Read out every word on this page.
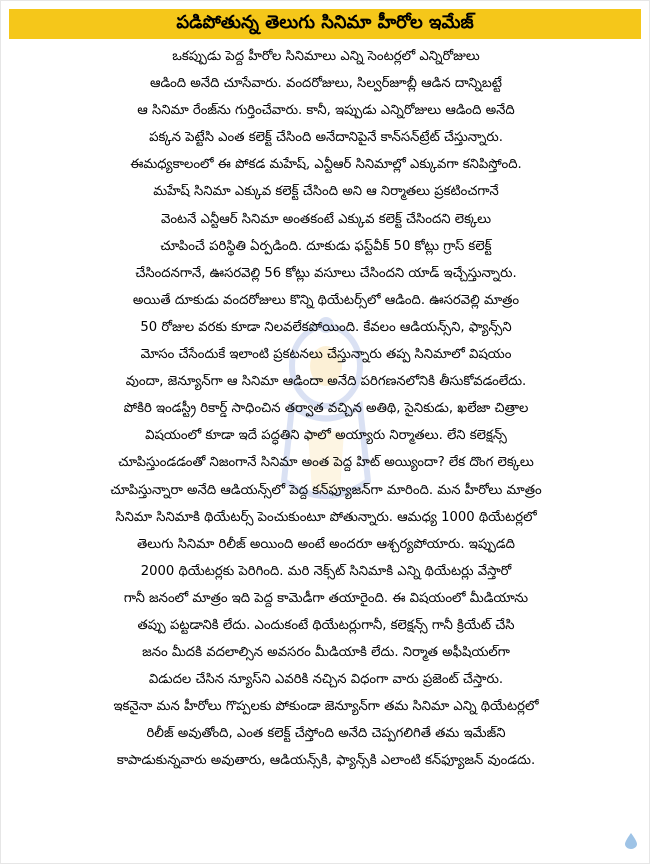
పడిపోతున్న తెలుగు సినిమా హీరోల ఇమేజ్
ఒకప్పుడు పెద్ద హీరోల సినిమాలు ఎన్ని సెంటర్లలో ఎన్నిరోజులు
ఆడింది అనేది చూసేవారు. వందరోజులు, సిల్వర్‌జూబ్లీ ఆడిన దాన్నిబట్టే
ఆ సినిమా రేంజ్‌ను గుర్తించేవారు. కానీ, ఇప్పుడు ఎన్నిరోజులు ఆడింది అనేది
పక్కన పెట్టేసి ఎంత కలెక్ట్‌ చేసింది అనేదానిపైనే కాన్‌సన్‌ట్రేట్‌ చేస్తున్నారు.
ఈమధ్యకాలంలో ఈ పోకడ మహేష్‌, ఎన్టీఆర్‌ సినిమాల్లో ఎక్కువగా కనిపిస్తోంది.
మహేష్‌ సినిమా ఎక్కువ కలెక్ట్‌ చేసింది అని ఆ నిర్మాతలు ప్రకటించగానే
వెంటనే ఎన్టీఆర్‌ సినిమా అంతకంటే ఎక్కువ కలెక్ట్‌ చేసిందని లెక్కలు
చూపించే పరిస్థితి ఏర్పడింది. దూకుడు ఫస్ట్‌వీక్‌ 50 కోట్లు గ్రాస్‌ కలెక్ట్‌
చేసిందనగానే, ఊసరవెల్లి 56 కోట్లు వసూలు చేసిందని యాడ్‌ ఇచ్చేస్తున్నారు.
అయితే దూకుడు వందరోజులు కొన్ని థియేటర్స్‌లో ఆడింది. ఊసరవెల్లి మాత్రం
50 రోజుల వరకు కూడా నిలవలేకపోయింది. కేవలం ఆడియన్స్‌ని, ఫ్యాన్స్‌ని
మోసం చేసేందుకే ఇలాంటి ప్రకటనలు చేస్తున్నారు తప్ప సినిమాలో విషయం
వుందా, జెన్యూన్‌గా ఆ సినిమా ఆడిందా అనేది పరిగణనలోనికి తీసుకోవడంలేదు.
పోకిరి ఇండస్ట్రీ రికార్డ్‌ సాధించిన తర్వాత వచ్చిన అతిథి, సైనికుడు, ఖలేజా చిత్రాల
విషయంలో కూడా ఇదే పద్ధతిని ఫాలో అయ్యారు నిర్మాతలు. లేని కలెక్షన్స్‌
చూపిస్తుండడంతో నిజంగానే సినిమా అంత పెద్ద హిట్‌ అయ్యిందా? లేక దొంగ లెక్కలు
చూపిస్తున్నారా అనేది ఆడియన్స్‌లో పెద్ద కన్‌ఫ్యూజన్‌గా మారింది. మన హీరోలు మాత్రం
సినిమా సినిమాకి థియేటర్స్‌ పెంచుకుంటూ పోతున్నారు. ఆమధ్య 1000 థియేటర్లలో
తెలుగు సినిమా రిలీజ్‌ అయింది అంటే అందరూ ఆశ్చర్యపోయారు. ఇప్పుడది
2000 థియేటర్లకు పెరిగింది. మరి నెక్స్‌ట్‌ సినిమాకి ఎన్ని థియేటర్లు వేస్తారో
గానీ జనంలో మాత్రం ఇది పెద్ద కామెడీగా తయారైంది. ఈ విషయంలో మీడియాను
తప్పు పట్టడానికి లేదు. ఎందుకంటే థియేటర్లుగానీ, కలెక్షన్స్‌ గానీ క్రియేట్‌ చేసి
జనం మీదకి వదలాల్సిన అవసరం మీడియాకి లేదు. నిర్మాత అఫీషియల్‌గా
విడుదల చేసిన న్యూస్‌ని ఎవరికి నచ్చిన విధంగా వారు ప్రజెంట్‌ చేస్తారు.
ఇకనైనా మన హీరోలు గొప్పలకు పోకుండా జెన్యూన్‌గా తమ సినిమా ఎన్ని థియేటర్లలో
రిలీజ్‌ అవుతోంది, ఎంత కలెక్ట్‌ చేస్తోంది అనేది చెప్పగలిగితే తమ ఇమేజ్‌ని
కాపాడుకున్నవారు అవుతారు, ఆడియన్స్‌కి, ఫ్యాన్స్‌కి ఎలాంటి కన్‌ఫ్యూజన్‌ వుండదు.
